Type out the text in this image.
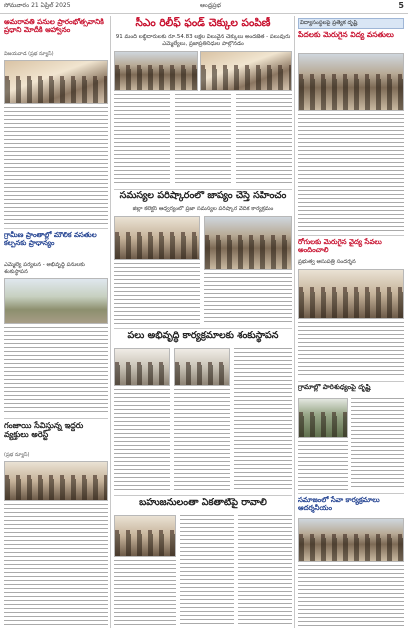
సోమవారం 21 ఏప్రిల్ 2025	ఆంధ్రప్రభ	5
అమరావతి పనుల ప్రారంభోత్సవానికి ప్రధాని మోదీకి ఆహ్వానం
విజయవాడ (ప్రభ న్యూస్)
గ్రామీణ ప్రాంతాల్లో మౌలిక వసతుల కల్పనకు ప్రాధాన్యం
ఎమ్మెల్యే పర్యటన - అభివృద్ధి పనులకు శంకుస్థాపన
గంజాయి సేవిస్తున్న ఇద్దరు వ్యక్తులు అరెస్ట్
(ప్రభ న్యూస్)
సీఎం రిలీఫ్ ఫండ్ చెక్కుల పంపిణీ
91 మంది లబ్ధిదారులకు రూ.54.83 లక్షల విలువైన చెక్కులు అందజేత - పలువురు ఎమ్మెల్యేలు, ప్రజాప్రతినిధుల పాల్గొనడం
సమస్యల పరిష్కారంలో జాప్యం చేస్తే సహించం
జిల్లా కలెక్టర్ ఆధ్వర్యంలో ప్రజా సమస్యల పరిష్కార వేదిక కార్యక్రమం
పలు అభివృద్ధి కార్యక్రమాలకు శంకుస్థాపన
బహుజనులంతా ఏకతాటిపై రావాలి
విద్యాసంస్థలపై ప్రత్యేక దృష్టి
పేదలకు మెరుగైన విద్య వసతులు
రోగులకు మెరుగైన వైద్య సేవలు అందించాలి
ప్రభుత్వ ఆసుపత్రి సందర్శన
గ్రామాల్లో పారిశుధ్యంపై దృష్టి
సమాజంలో సేవా కార్యక్రమాలు ఆదర్శనీయం
